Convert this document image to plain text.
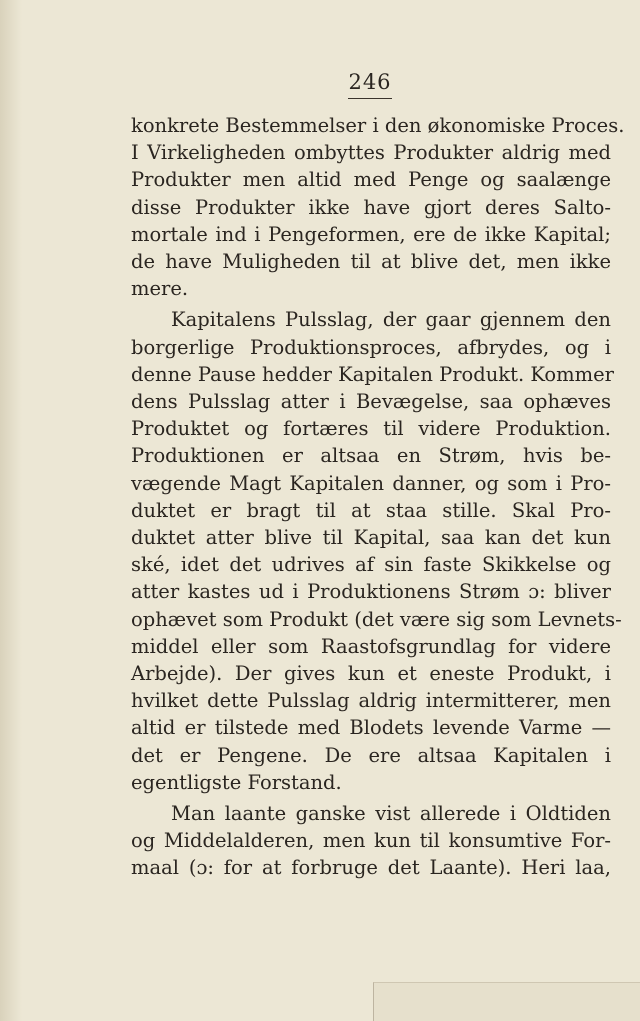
246
konkrete Bestemmelser i den økonomiske Proces.
I Virkeligheden ombyttes Produkter aldrig med
Produkter men altid med Penge og saalænge
disse Produkter ikke have gjort deres Salto-
mortale ind i Pengeformen, ere de ikke Kapital;
de have Muligheden til at blive det, men ikke
mere.
Kapitalens Pulsslag, der gaar gjennem den
borgerlige Produktionsproces, afbrydes, og i
denne Pause hedder Kapitalen Produkt. Kommer
dens Pulsslag atter i Bevægelse, saa ophæves
Produktet og fortæres til videre Produktion.
Produktionen er altsaa en Strøm, hvis be-
vægende Magt Kapitalen danner, og som i Pro-
duktet er bragt til at staa stille. Skal Pro-
duktet atter blive til Kapital, saa kan det kun
ské, idet det udrives af sin faste Skikkelse og
atter kastes ud i Produktionens Strøm ɔ: bliver
ophævet som Produkt (det være sig som Levnets-
middel eller som Raastofsgrundlag for videre
Arbejde). Der gives kun et eneste Produkt, i
hvilket dette Pulsslag aldrig intermitterer, men
altid er tilstede med Blodets levende Varme —
det er Pengene. De ere altsaa Kapitalen i
egentligste Forstand.
Man laante ganske vist allerede i Oldtiden
og Middelalderen, men kun til konsumtive For-
maal (ɔ: for at forbruge det Laante). Heri laa,
